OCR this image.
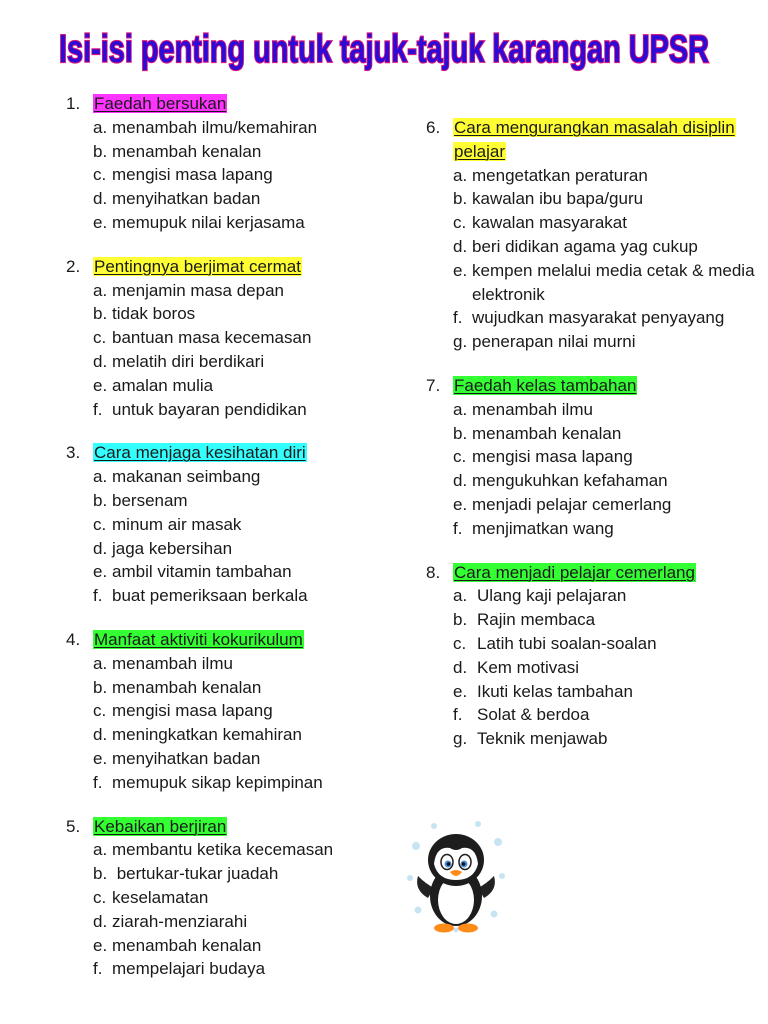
Isi-isi penting untuk tajuk-tajuk karangan UPSR
1. Faedah bersukan
a. menambah ilmu/kemahiran
b. menambah kenalan
c. mengisi masa lapang
d. menyihatkan badan
e. memupuk nilai kerjasama
2. Pentingnya berjimat cermat
a. menjamin masa depan
b. tidak boros
c. bantuan masa kecemasan
d. melatih diri berdikari
e. amalan mulia
f. untuk bayaran pendidikan
3. Cara menjaga kesihatan diri
a. makanan seimbang
b. bersenam
c. minum air masak
d. jaga kebersihan
e. ambil vitamin tambahan
f. buat pemeriksaan berkala
4. Manfaat aktiviti kokurikulum
a. menambah ilmu
b. menambah kenalan
c. mengisi masa lapang
d. meningkatkan kemahiran
e. menyihatkan badan
f. memupuk sikap kepimpinan
5. Kebaikan berjiran
a. membantu ketika kecemasan
b. bertukar-tukar juadah
c. keselamatan
d. ziarah-menziarahi
e. menambah kenalan
f. mempelajari budaya
6. Cara mengurangkan masalah disiplin pelajar
a. mengetatkan peraturan
b. kawalan ibu bapa/guru
c. kawalan masyarakat
d. beri didikan agama yag cukup
e. kempen melalui media cetak & media elektronik
f. wujudkan masyarakat penyayang
g. penerapan nilai murni
7. Faedah kelas tambahan
a. menambah ilmu
b. menambah kenalan
c. mengisi masa lapang
d. mengukuhkan kefahaman
e. menjadi pelajar cemerlang
f. menjimatkan wang
8. Cara menjadi pelajar cemerlang
a. Ulang kaji pelajaran
b. Rajin membaca
c. Latih tubi soalan-soalan
d. Kem motivasi
e. Ikuti kelas tambahan
f. Solat & berdoa
g. Teknik menjawab
